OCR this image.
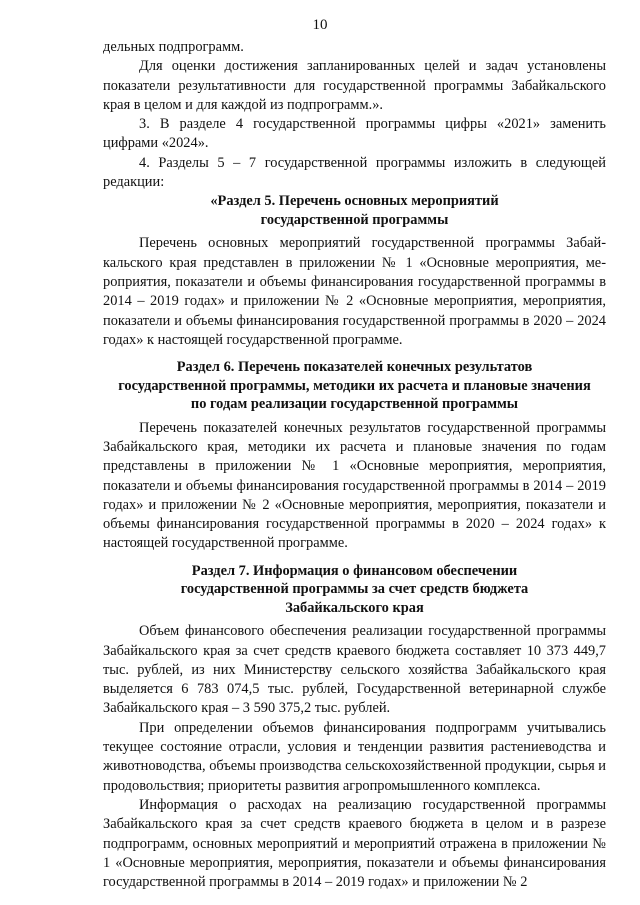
10

дельных подпрограмм.

Для оценки достижения запланированных целей и задач установлены показатели результативности для государственной программы Забайкальского края в целом и для каждой из подпрограмм.».

3. В разделе 4 государственной программы цифры «2021» заменить цифрами «2024».

4. Разделы 5 – 7 государственной программы изложить в следующей редакции:

«Раздел 5. Перечень основных мероприятий
государственной программы

Перечень основных мероприятий государственной программы Забайкальского края представлен в приложении № 1 «Основные мероприятия, мероприятия, показатели и объемы финансирования государственной программы в 2014 – 2019 годах» и приложении № 2 «Основные мероприятия, мероприятия, показатели и объемы финансирования государственной программы в 2020 – 2024 годах» к настоящей государственной программе.

Раздел 6. Перечень показателей конечных результатов
государственной программы, методики их расчета и плановые значения
по годам реализации государственной программы

Перечень показателей конечных результатов государственной программы Забайкальского края, методики их расчета и плановые значения по годам представлены в приложении № 1 «Основные мероприятия, мероприятия, показатели и объемы финансирования государственной программы в 2014 – 2019 годах» и приложении № 2 «Основные мероприятия, мероприятия, показатели и объемы финансирования государственной программы в 2020 – 2024 годах» к настоящей государственной программе.

Раздел 7. Информация о финансовом обеспечении
государственной программы за счет средств бюджета
Забайкальского края

Объем финансового обеспечения реализации государственной программы Забайкальского края за счет средств краевого бюджета составляет 10 373 449,7 тыс. рублей, из них Министерству сельского хозяйства Забайкальского края выделяется 6 783 074,5 тыс. рублей, Государственной ветеринарной службе Забайкальского края – 3 590 375,2 тыс. рублей.

При определении объемов финансирования подпрограмм учитывались текущее состояние отрасли, условия и тенденции развития растениеводства и животноводства, объемы производства сельскохозяйственной продукции, сырья и продовольствия; приоритеты развития агропромышленного комплекса.

Информация о расходах на реализацию государственной программы Забайкальского края за счет средств краевого бюджета в целом и в разрезе подпрограмм, основных мероприятий и мероприятий отражена в приложении № 1 «Основные мероприятия, мероприятия, показатели и объемы финансирования государственной программы в 2014 – 2019 годах» и приложении № 2
